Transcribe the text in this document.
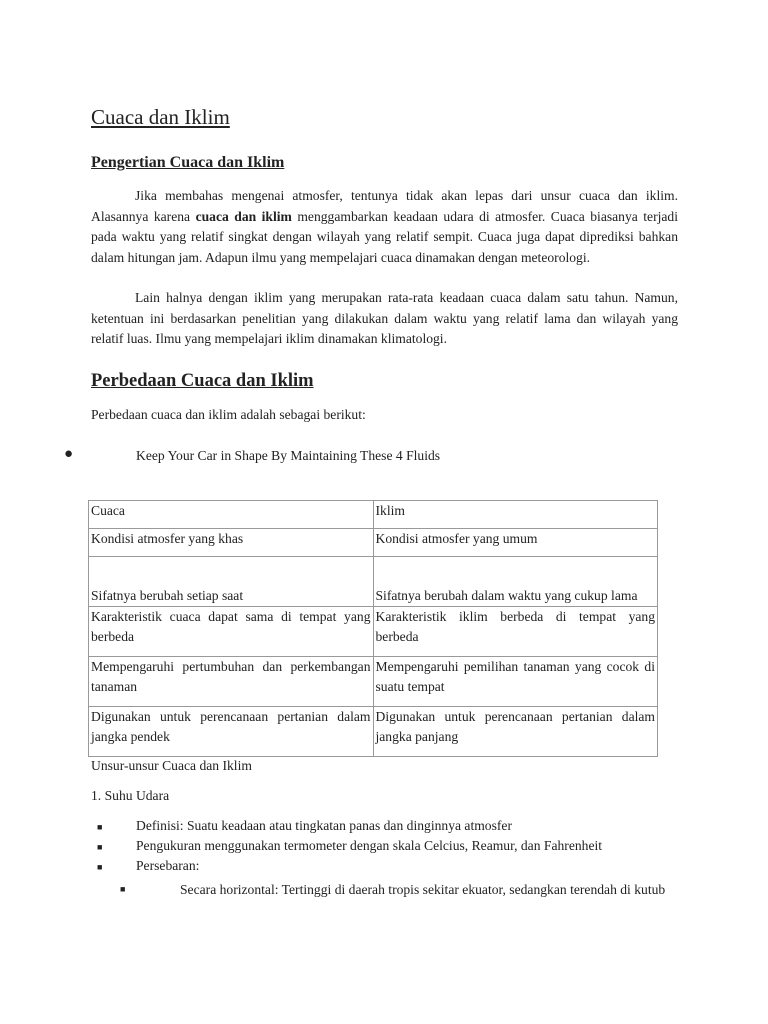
Cuaca dan Iklim
Pengertian Cuaca dan Iklim

Jika membahas mengenai atmosfer, tentunya tidak akan lepas dari unsur cuaca dan iklim. Alasannya karena cuaca dan iklim menggambarkan keadaan udara di atmosfer. Cuaca biasanya terjadi pada waktu yang relatif singkat dengan wilayah yang relatif sempit. Cuaca juga dapat diprediksi bahkan dalam hitungan jam. Adapun ilmu yang mempelajari cuaca dinamakan dengan meteorologi.

Lain halnya dengan iklim yang merupakan rata-rata keadaan cuaca dalam satu tahun. Namun, ketentuan ini berdasarkan penelitian yang dilakukan dalam waktu yang relatif lama dan wilayah yang relatif luas. Ilmu yang mempelajari iklim dinamakan klimatologi.

Perbedaan Cuaca dan Iklim
Perbedaan cuaca dan iklim adalah sebagai berikut:
●	Keep Your Car in Shape By Maintaining These 4 Fluids
Cuaca	Iklim
Kondisi atmosfer yang khas	Kondisi atmosfer yang umum
Sifatnya berubah setiap saat	Sifatnya berubah dalam waktu yang cukup lama
Karakteristik cuaca dapat sama di tempat yang berbeda	Karakteristik iklim berbeda di tempat yang berbeda
Mempengaruhi pertumbuhan dan perkembangan tanaman	Mempengaruhi pemilihan tanaman yang cocok di suatu tempat
Digunakan untuk perencanaan pertanian dalam jangka pendek	Digunakan untuk perencanaan pertanian dalam jangka panjang
Unsur-unsur Cuaca dan Iklim
1. Suhu Udara
■ Definisi: Suatu keadaan atau tingkatan panas dan dinginnya atmosfer
■ Pengukuran menggunakan termometer dengan skala Celcius, Reamur, dan Fahrenheit
■ Persebaran:
■	Secara horizontal: Tertinggi di daerah tropis sekitar ekuator, sedangkan terendah di kutub
